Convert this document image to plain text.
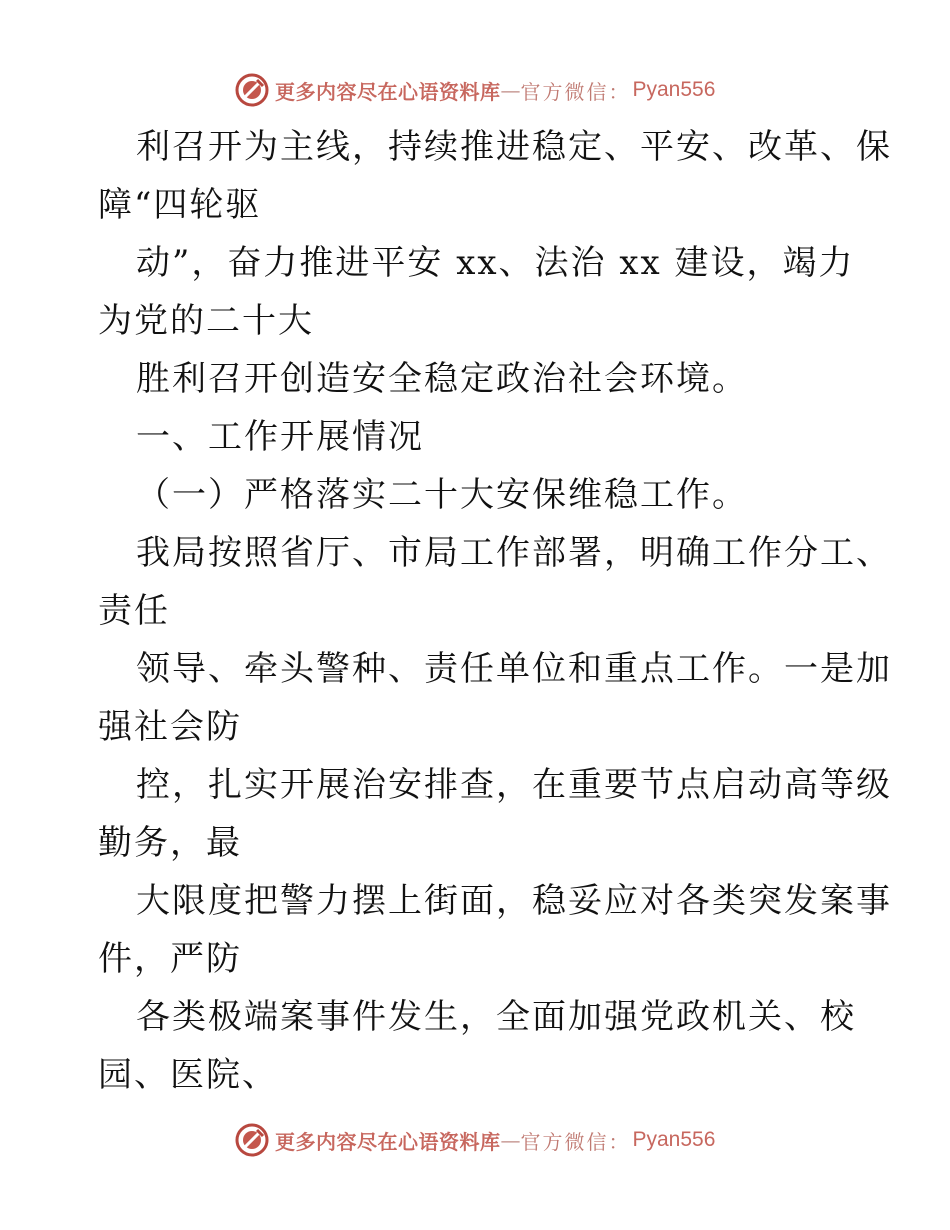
更多内容尽在心语资料库 — 官方微信： Pyan556
利召开为主线，持续推进稳定、平安、改革、保
障“四轮驱
动”，奋力推进平安 xx、法治 xx 建设，竭力
为党的二十大
胜利召开创造安全稳定政治社会环境。
一、工作开展情况
（一）严格落实二十大安保维稳工作。
我局按照省厅、市局工作部署，明确工作分工、
责任
领导、牵头警种、责任单位和重点工作。一是加
强社会防
控，扎实开展治安排查，在重要节点启动高等级
勤务，最
大限度把警力摆上街面，稳妥应对各类突发案事
件，严防
各类极端案事件发生，全面加强党政机关、校
园、医院、
更多内容尽在心语资料库 — 官方微信： Pyan556
